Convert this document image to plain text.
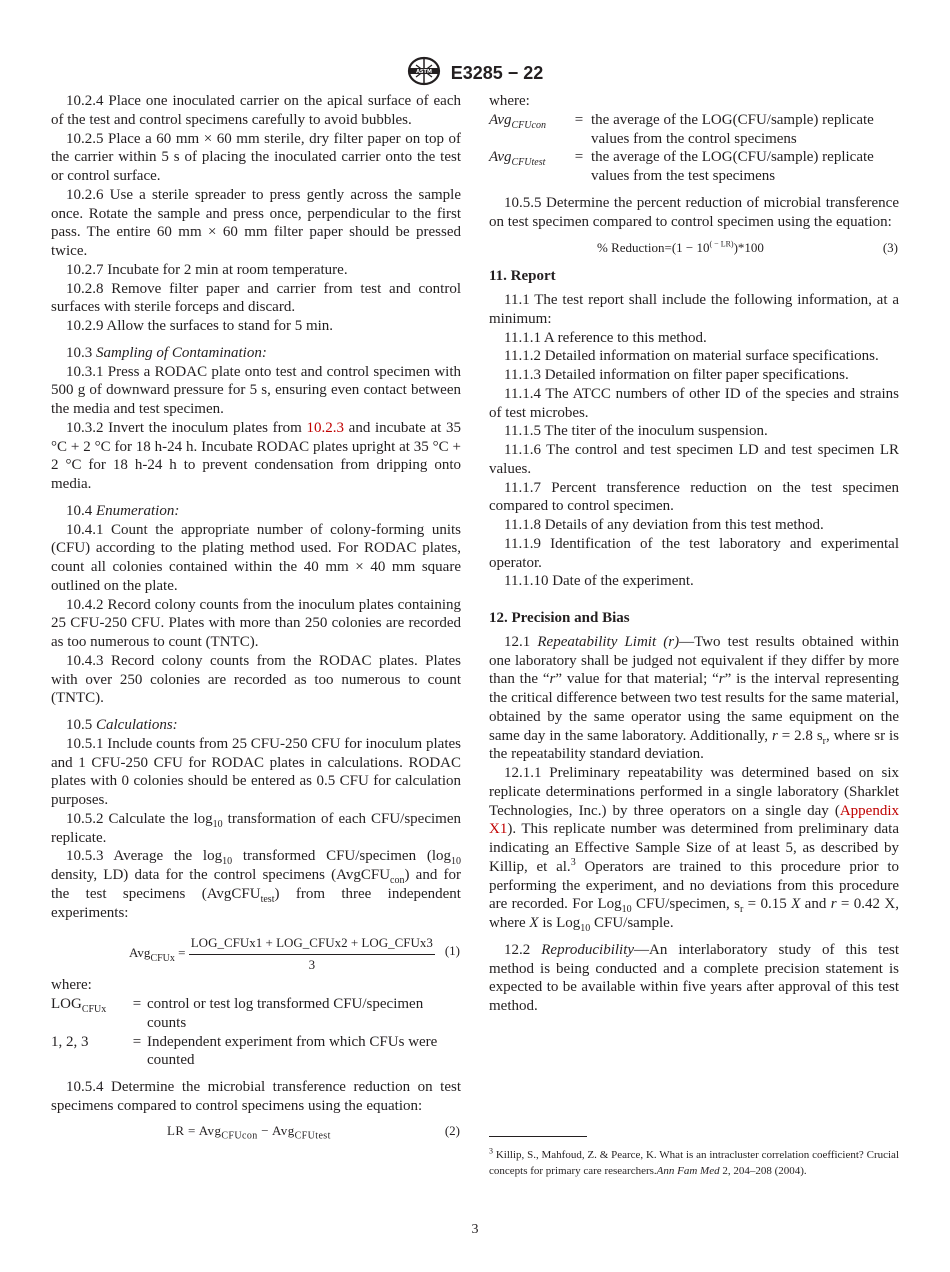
ASTM E3285 − 22

10.2.4 Place one inoculated carrier on the apical surface of each of the test and control specimens carefully to avoid bubbles.

10.2.5 Place a 60 mm × 60 mm sterile, dry filter paper on top of the carrier within 5 s of placing the inoculated carrier onto the test or control surface.

10.2.6 Use a sterile spreader to press gently across the sample once. Rotate the sample and press once, perpendicular to the first pass. The entire 60 mm × 60 mm filter paper should be pressed twice.

10.2.7 Incubate for 2 min at room temperature.

10.2.8 Remove filter paper and carrier from test and control surfaces with sterile forceps and discard.

10.2.9 Allow the surfaces to stand for 5 min.

10.3 Sampling of Contamination:

10.3.1 Press a RODAC plate onto test and control specimen with 500 g of downward pressure for 5 s, ensuring even contact between the media and test specimen.

10.3.2 Invert the inoculum plates from 10.2.3 and incubate at 35 °C + 2 °C for 18 h-24 h. Incubate RODAC plates upright at 35 °C + 2 °C for 18 h-24 h to prevent condensation from dripping onto media.

10.4 Enumeration:

10.4.1 Count the appropriate number of colony-forming units (CFU) according to the plating method used. For RODAC plates, count all colonies contained within the 40 mm × 40 mm square outlined on the plate.

10.4.2 Record colony counts from the inoculum plates containing 25 CFU-250 CFU. Plates with more than 250 colonies are recorded as too numerous to count (TNTC).

10.4.3 Record colony counts from the RODAC plates. Plates with over 250 colonies are recorded as too numerous to count (TNTC).

10.5 Calculations:

10.5.1 Include counts from 25 CFU-250 CFU for inoculum plates and 1 CFU-250 CFU for RODAC plates in calculations. RODAC plates with 0 colonies should be entered as 0.5 CFU for calculation purposes.

10.5.2 Calculate the $\log_{10}$ transformation of each CFU/specimen replicate.

10.5.3 Average the $\log_{10}$ transformed CFU/specimen ($\log_{10}$ density, LD) data for the control specimens (AvgCFU$_{con}$) and for the test specimens (AvgCFU$_{test}$) from three independent experiments:

$Avg_{CFUx} = \frac{\text{LOG\_CFUx1 + LOG\_CFUx2 + LOG\_CFUx3}}{3} (1)$

where:

$LOG_{CFUx}$	= control or test log transformed CFU/specimen counts
1, 2, 3	= Independent experiment from which CFUs were counted

10.5.4 Determine the microbial transference reduction on test specimens compared to control specimens using the equation:

LR = Avg$_{CFUcon}$ − Avg$_{CFUtest}$	(2)

where:

Avg$_{CFUcon}$	= the average of the LOG(CFU/sample) replicate values from the control specimens
Avg$_{CFUtest}$	= the average of the LOG(CFU/sample) replicate values from the test specimens

10.5.5 Determine the percent reduction of microbial transference on test specimen compared to control specimen using the equation:

% Reduction=(1 − $10^{( - LR)})*100$	(3)

11. Report

11.1 The test report shall include the following information, at a minimum:

11.1.1 A reference to this method.

11.1.2 Detailed information on material surface specifications.

11.1.3 Detailed information on filter paper specifications.

11.1.4 The ATCC numbers of other ID of the species and strains of test microbes.

11.1.5 The titer of the inoculum suspension.

11.1.6 The control and test specimen LD and test specimen LR values.

11.1.7 Percent transference reduction on the test specimen compared to control specimen.

11.1.8 Details of any deviation from this test method.

11.1.9 Identification of the test laboratory and experimental operator.

11.1.10 Date of the experiment.

12. Precision and Bias

12.1 Repeatability Limit (r)—Two test results obtained within one laboratory shall be judged not equivalent if they differ by more than the “r” value for that material; “r” is the interval representing the critical difference between two test results for the same material, obtained by the same operator using the same equipment on the same day in the same laboratory. Additionally, r = 2.8 $s_r$, where sr is the repeatability standard deviation.

12.1.1 Preliminary repeatability was determined based on six replicate determinations performed in a single laboratory (Sharklet Technologies, Inc.) by three operators on a single day (Appendix X1). This replicate number was determined from preliminary data indicating an Effective Sample Size of at least 5, as described by Killip, et al.$^3$ Operators are trained to this procedure prior to performing the experiment, and no deviations from this procedure are recorded. For Log$_{10}$ CFU/specimen, $s_r = 0.15$ X and r = 0.42 X, where X is Log$_{10}$ CFU/sample.

12.2 Reproducibility—An interlaboratory study of this test method is being conducted and a complete precision statement is expected to be available within five years after approval of this test method.

$^3$ Killip, S., Mahfoud, Z. & Pearce, K. What is an intracluster correlation coefficient? Crucial concepts for primary care researchers.Ann Fam Med 2, 204–208 (2004).
3
